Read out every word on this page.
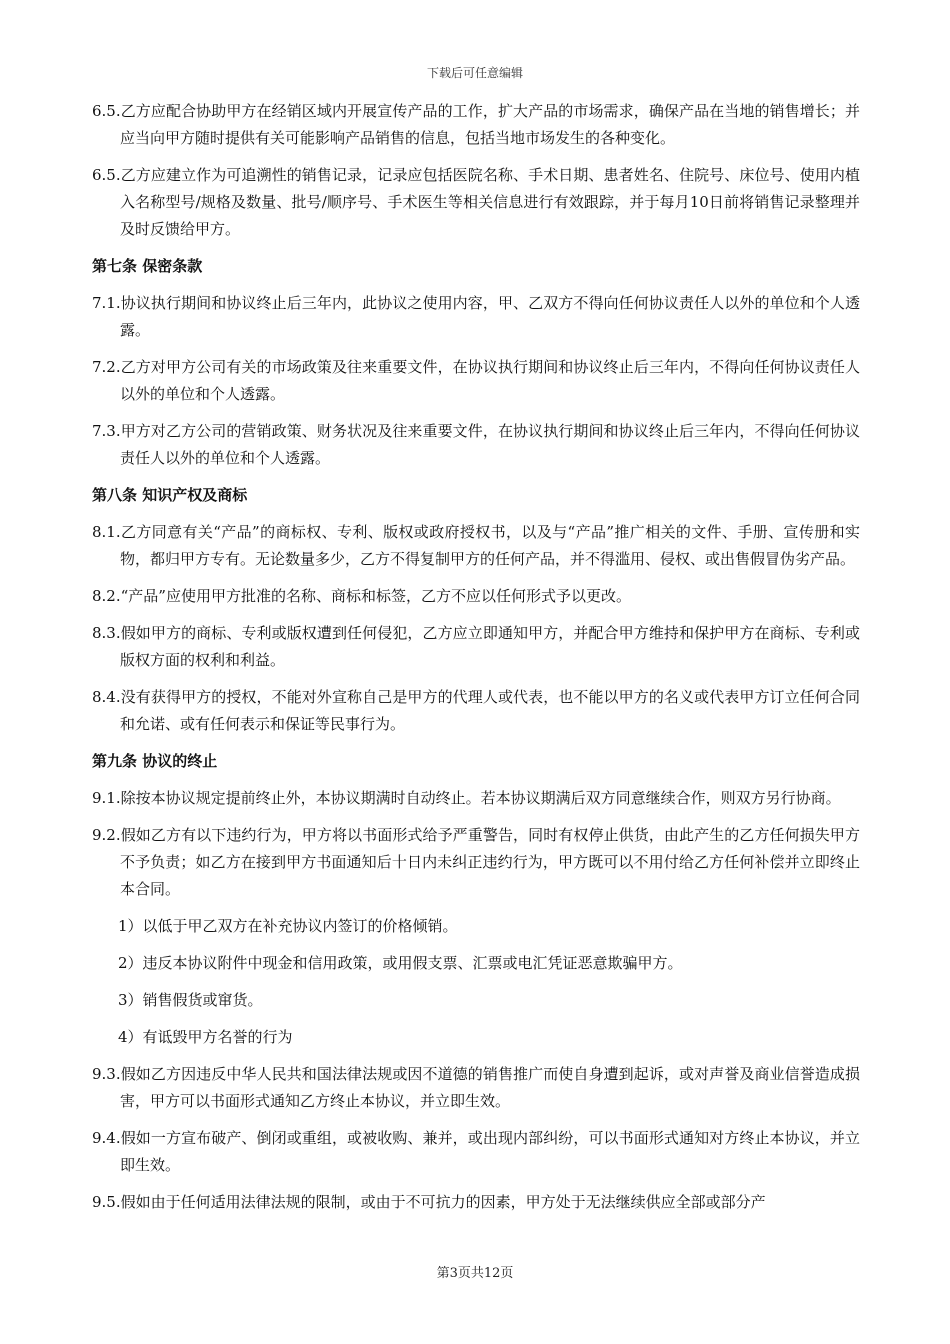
下载后可任意编辑

6.5.乙方应配合协助甲方在经销区域内开展宣传产品的工作，扩大产品的市场需求，确保产品在当地的销售增长；并应当向甲方随时提供有关可能影响产品销售的信息，包括当地市场发生的各种变化。

6.5.乙方应建立作为可追溯性的销售记录，记录应包括医院名称、手术日期、患者姓名、住院号、床位号、使用内植入名称型号/规格及数量、批号/顺序号、手术医生等相关信息进行有效跟踪，并于每月10日前将销售记录整理并及时反馈给甲方。

第七条 保密条款

7.1.协议执行期间和协议终止后三年内，此协议之使用内容，甲、乙双方不得向任何协议责任人以外的单位和个人透露。

7.2.乙方对甲方公司有关的市场政策及往来重要文件，在协议执行期间和协议终止后三年内，不得向任何协议责任人以外的单位和个人透露。

7.3.甲方对乙方公司的营销政策、财务状况及往来重要文件，在协议执行期间和协议终止后三年内，不得向任何协议责任人以外的单位和个人透露。

第八条 知识产权及商标

8.1.乙方同意有关“产品”的商标权、专利、版权或政府授权书，以及与“产品”推广相关的文件、手册、宣传册和实物，都归甲方专有。无论数量多少，乙方不得复制甲方的任何产品，并不得滥用、侵权、或出售假冒伪劣产品。

8.2.“产品”应使用甲方批准的名称、商标和标签，乙方不应以任何形式予以更改。

8.3.假如甲方的商标、专利或版权遭到任何侵犯，乙方应立即通知甲方，并配合甲方维持和保护甲方在商标、专利或版权方面的权利和利益。

8.4.没有获得甲方的授权，不能对外宣称自己是甲方的代理人或代表，也不能以甲方的名义或代表甲方订立任何合同和允诺、或有任何表示和保证等民事行为。

第九条 协议的终止

9.1.除按本协议规定提前终止外，本协议期满时自动终止。若本协议期满后双方同意继续合作，则双方另行协商。

9.2.假如乙方有以下违约行为，甲方将以书面形式给予严重警告，同时有权停止供货，由此产生的乙方任何损失甲方不予负责；如乙方在接到甲方书面通知后十日内未纠正违约行为，甲方既可以不用付给乙方任何补偿并立即终止本合同。

1）以低于甲乙双方在补充协议内签订的价格倾销。

2）违反本协议附件中现金和信用政策，或用假支票、汇票或电汇凭证恶意欺骗甲方。

3）销售假货或窜货。

4）有诋毁甲方名誉的行为

9.3.假如乙方因违反中华人民共和国法律法规或因不道德的销售推广而使自身遭到起诉，或对声誉及商业信誉造成损害，甲方可以书面形式通知乙方终止本协议，并立即生效。

9.4.假如一方宣布破产、倒闭或重组，或被收购、兼并，或出现内部纠纷，可以书面形式通知对方终止本协议，并立即生效。

9.5.假如由于任何适用法律法规的限制，或由于不可抗力的因素，甲方处于无法继续供应全部或部分产

第3页共12页
